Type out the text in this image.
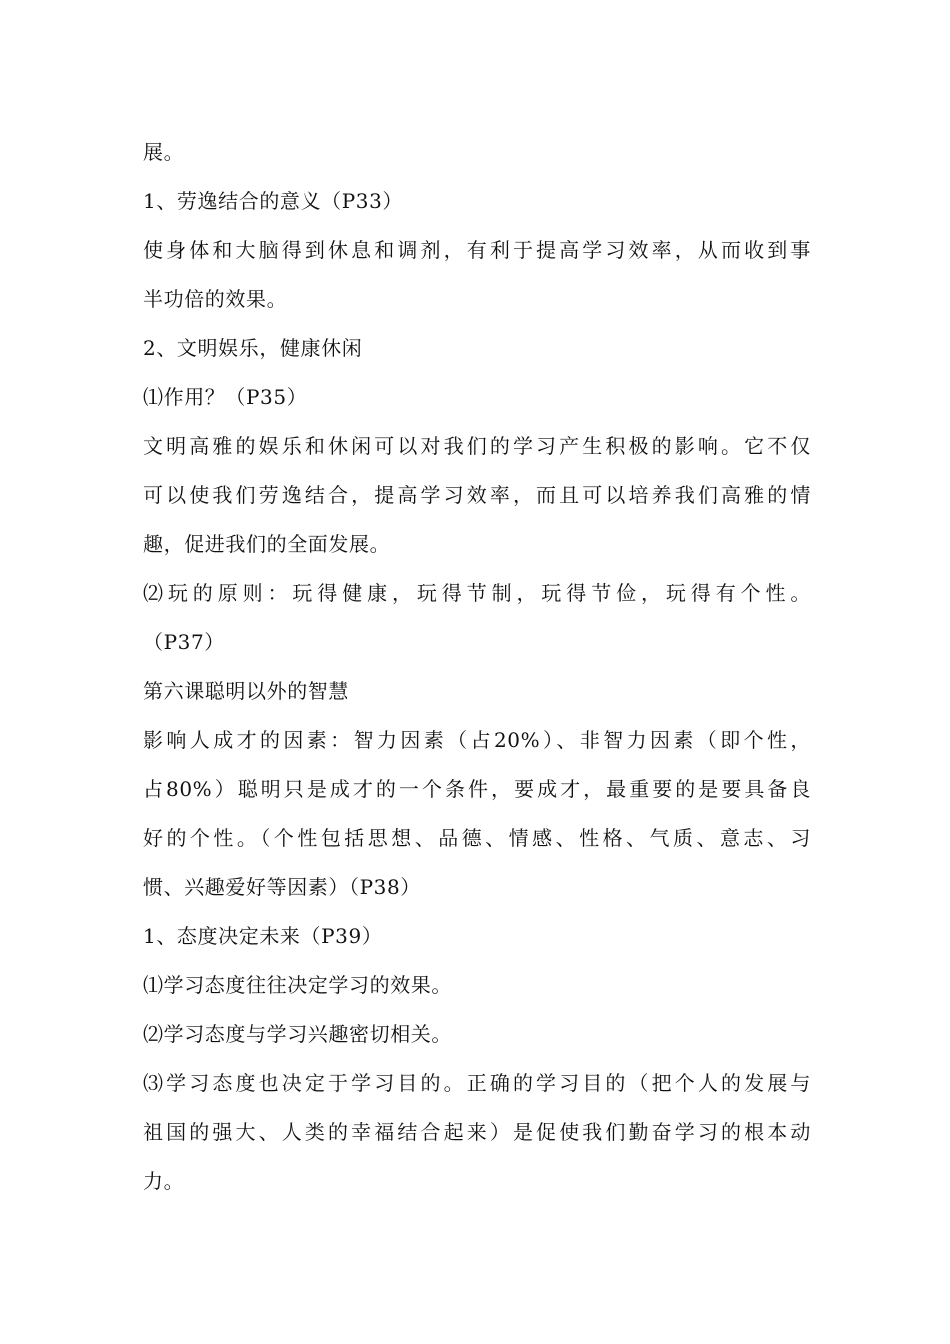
展。
1、劳逸结合的意义（P33）
使身体和大脑得到休息和调剂，有利于提高学习效率，从而收到事
半功倍的效果。
2、文明娱乐，健康休闲
⑴作用？（P35）
文明高雅的娱乐和休闲可以对我们的学习产生积极的影响。它不仅
可以使我们劳逸结合，提高学习效率，而且可以培养我们高雅的情
趣，促进我们的全面发展。
⑵玩的原则：玩得健康，玩得节制，玩得节俭，玩得有个性。
（P37）
第六课聪明以外的智慧
影响人成才的因素：智力因素（占20%）、非智力因素（即个性，
占80%）聪明只是成才的一个条件，要成才，最重要的是要具备良
好的个性。（个性包括思想、品德、情感、性格、气质、意志、习
惯、兴趣爱好等因素）（P38）
1、态度决定未来（P39）
⑴学习态度往往决定学习的效果。
⑵学习态度与学习兴趣密切相关。
⑶学习态度也决定于学习目的。正确的学习目的（把个人的发展与
祖国的强大、人类的幸福结合起来）是促使我们勤奋学习的根本动
力。
